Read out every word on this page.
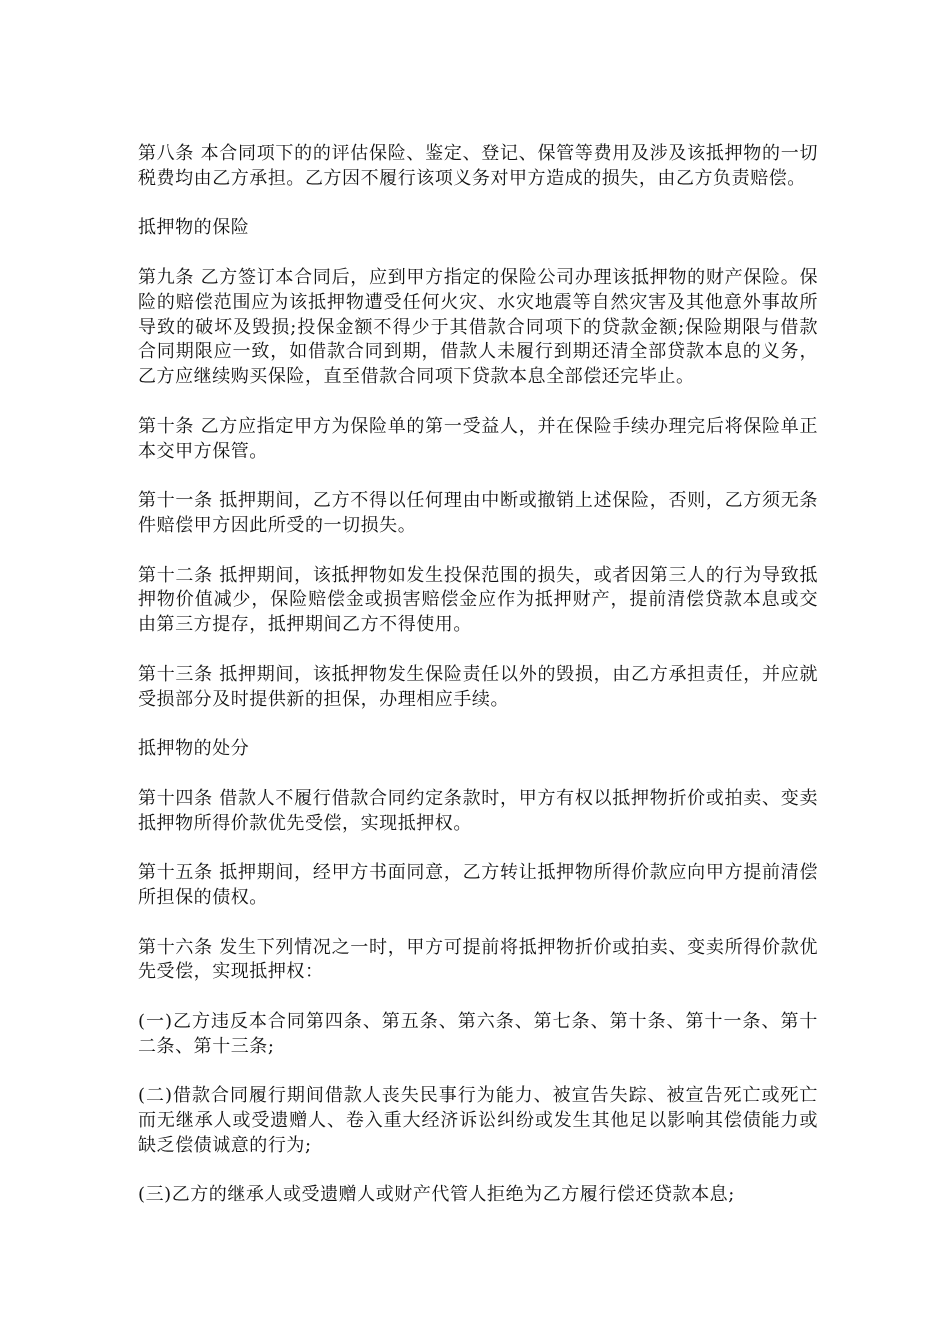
第八条 本合同项下的的评估保险、鉴定、登记、保管等费用及涉及该抵押物的一切税费均由乙方承担。乙方因不履行该项义务对甲方造成的损失，由乙方负责赔偿。

抵押物的保险

第九条 乙方签订本合同后，应到甲方指定的保险公司办理该抵押物的财产保险。保险的赔偿范围应为该抵押物遭受任何火灾、水灾地震等自然灾害及其他意外事故所导致的破坏及毁损;投保金额不得少于其借款合同项下的贷款金额;保险期限与借款合同期限应一致，如借款合同到期，借款人未履行到期还清全部贷款本息的义务，乙方应继续购买保险，直至借款合同项下贷款本息全部偿还完毕止。

第十条 乙方应指定甲方为保险单的第一受益人，并在保险手续办理完后将保险单正本交甲方保管。

第十一条 抵押期间，乙方不得以任何理由中断或撤销上述保险，否则，乙方须无条件赔偿甲方因此所受的一切损失。

第十二条 抵押期间，该抵押物如发生投保范围的损失，或者因第三人的行为导致抵押物价值减少，保险赔偿金或损害赔偿金应作为抵押财产，提前清偿贷款本息或交由第三方提存，抵押期间乙方不得使用。

第十三条 抵押期间，该抵押物发生保险责任以外的毁损，由乙方承担责任，并应就受损部分及时提供新的担保，办理相应手续。

抵押物的处分

第十四条 借款人不履行借款合同约定条款时，甲方有权以抵押物折价或拍卖、变卖抵押物所得价款优先受偿，实现抵押权。

第十五条 抵押期间，经甲方书面同意，乙方转让抵押物所得价款应向甲方提前清偿所担保的债权。

第十六条 发生下列情况之一时，甲方可提前将抵押物折价或拍卖、变卖所得价款优先受偿，实现抵押权：

(一)乙方违反本合同第四条、第五条、第六条、第七条、第十条、第十一条、第十二条、第十三条;

(二)借款合同履行期间借款人丧失民事行为能力、被宣告失踪、被宣告死亡或死亡而无继承人或受遗赠人、卷入重大经济诉讼纠纷或发生其他足以影响其偿债能力或缺乏偿债诚意的行为;

(三)乙方的继承人或受遗赠人或财产代管人拒绝为乙方履行偿还贷款本息;
